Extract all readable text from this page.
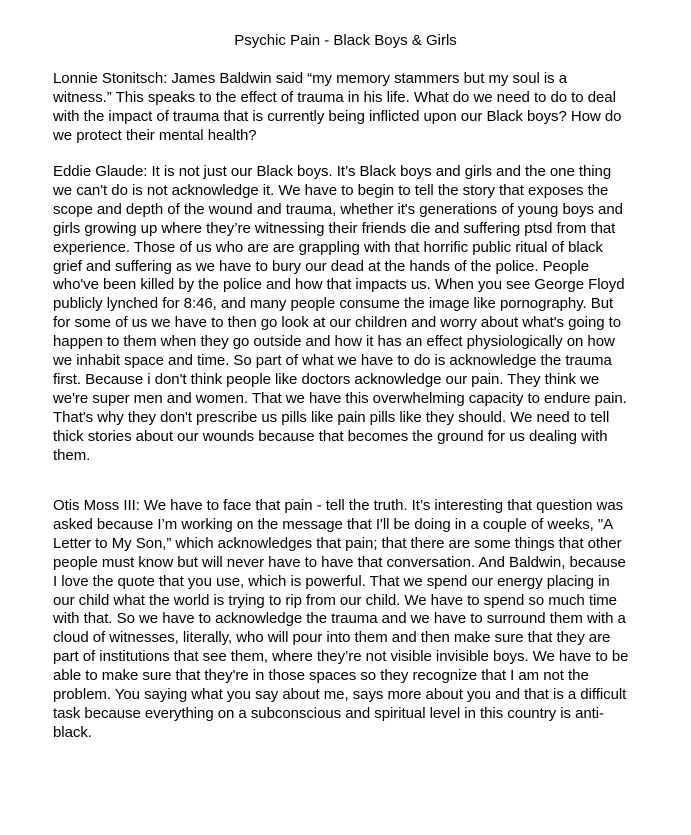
Psychic Pain - Black Boys & Girls

Lonnie Stonitsch: James Baldwin said “my memory stammers but my soul is a
witness.” This speaks to the effect of trauma in his life. What do we need to do to deal
with the impact of trauma that is currently being inflicted upon our Black boys? How do
we protect their mental health?

Eddie Glaude: It is not just our Black boys. It’s Black boys and girls and the one thing
we can't do is not acknowledge it. We have to begin to tell the story that exposes the
scope and depth of the wound and trauma, whether it's generations of young boys and
girls growing up where they’re witnessing their friends die and suffering ptsd from that
experience. Those of us who are are grappling with that horrific public ritual of black
grief and suffering as we have to bury our dead at the hands of the police. People
who've been killed by the police and how that impacts us. When you see George Floyd
publicly lynched for 8:46, and many people consume the image like pornography. But
for some of us we have to then go look at our children and worry about what's going to
happen to them when they go outside and how it has an effect physiologically on how
we inhabit space and time. So part of what we have to do is acknowledge the trauma
first. Because i don't think people like doctors acknowledge our pain. They think we
we're super men and women. That we have this overwhelming capacity to endure pain.
That's why they don't prescribe us pills like pain pills like they should. We need to tell
thick stories about our wounds because that becomes the ground for us dealing with
them.

Otis Moss III: We have to face that pain - tell the truth. It’s interesting that question was
asked because I’m working on the message that I'll be doing in a couple of weeks, "A
Letter to My Son,” which acknowledges that pain; that there are some things that other
people must know but will never have to have that conversation. And Baldwin, because
I love the quote that you use, which is powerful. That we spend our energy placing in
our child what the world is trying to rip from our child. We have to spend so much time
with that. So we have to acknowledge the trauma and we have to surround them with a
cloud of witnesses, literally, who will pour into them and then make sure that they are
part of institutions that see them, where they’re not visible invisible boys. We have to be
able to make sure that they're in those spaces so they recognize that I am not the
problem. You saying what you say about me, says more about you and that is a difficult
task because everything on a subconscious and spiritual level in this country is anti-
black.
